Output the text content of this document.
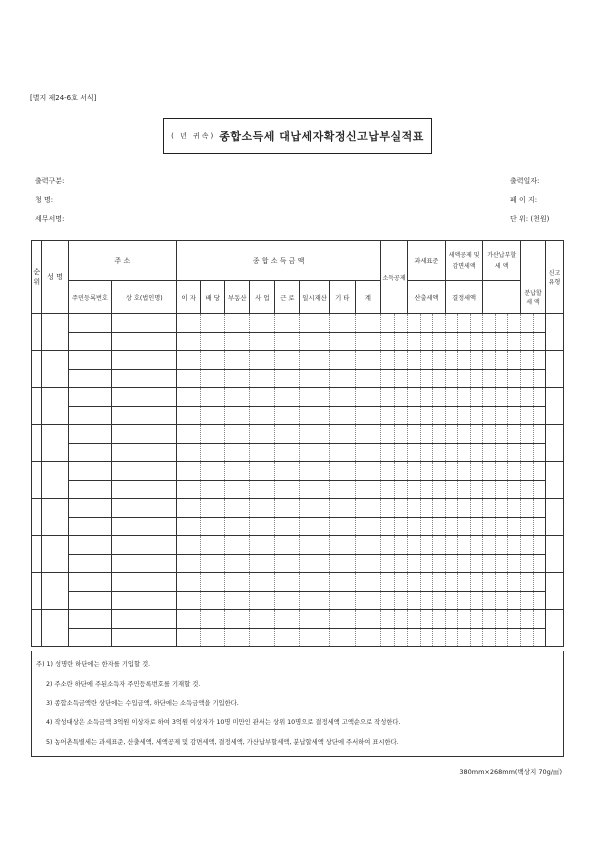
[별지 제24-6호 서식]
( 년 귀속) 종합소득세 대납세자확정신고납부실적표
출력구분:
청 명:
세무서명:
출력일자:
페 이 지:
단 위: (천원)
순위	성 명	주 소		종 합 소 득 금 액								소득공제		과세표준			세액공제 및 감면세액			가산납부할 세 액					신고유형
		주민등록번호	상 호(법인명)	이 자	배 당	부동산	사 업	근 로	일시재산	기 타	계			산출세액			결정세액						분납할 세 액		

주) 1) 성명란 하단에는 한자를 기입할 것.
2) 주소란 하단에 주된소득자 주민등록번호를 기재할 것.
3) 종합소득금액란 상단에는 수입금액, 하단에는 소득금액을 기입한다.
4) 작성대상은 소득금액 3억원 이상자로 하여 3억원 이상자가 10명 미만인 관서는 상위 10명으로 결정세액 고액순으로 작성한다.
5) 농어촌특별세는 과세표준, 산출세액, 세액공제 및 감면세액, 결정세액, 가산납부할세액, 분납할세액 상단에 주서하여 표시한다.
380mm×268mm(백상지 70g/㎡)
